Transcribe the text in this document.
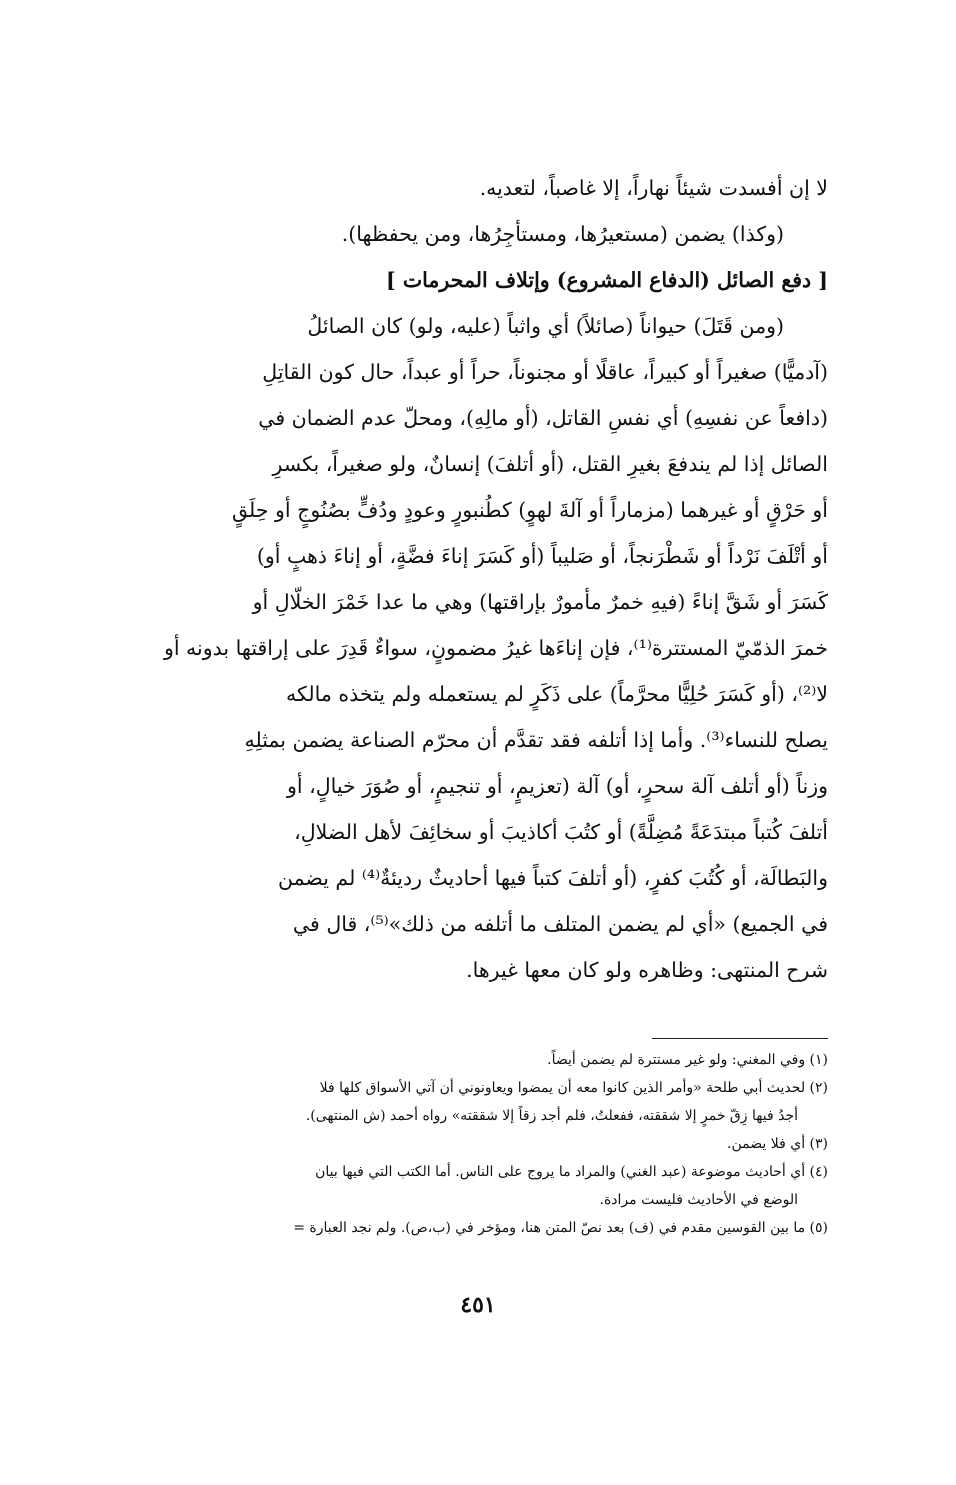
لا إن أفسدت شيئاً نهاراً، إلا غاصباً، لتعديه.
(وكذا) يضمن (مستعيرُها، ومستأجِرُها، ومن يحفظها).
[ دفع الصائل (الدفاع المشروع) وإتلاف المحرمات ]
(ومن قَتَلَ) حيواناً (صائلاً) أي واثباً (عليه، ولو) كان الصائلُ
(آدميًّا) صغيراً أو كبيراً، عاقلًا أو مجنوناً، حراً أو عبداً، حال كون القاتِلِ
(دافعاً عن نفسِهِ) أي نفسِ القاتل، (أو مالِهِ)، ومحلّ عدم الضمان في
الصائل إذا لم يندفعَ بغيرِ القتل، (أو أتلفَ) إنسانٌ، ولو صغيراً، بكسرِ
أو حَرْقٍ أو غيرهما (مزماراً أو آلةَ لهوٍ) كطُنبورٍ وعودٍ ودُفٍّ بصُنُوجٍ أو حِلَقٍ
أو أتْلَفَ نَرْداً أو شَطْرَنجاً، أو صَليباً (أو كَسَرَ إناءَ فضَّةٍ، أو إناءَ ذهبٍ أو)
كَسَرَ أو شَقَّ إناءً (فيهِ خمرٌ مأمورٌ بإراقتها) وهي ما عدا خَمْرَ الخلّالِ أو
خمرَ الذمّيّ المستترة⁽¹⁾، فإن إناءَها غيرُ مضمونٍ، سواءٌ قَدِرَ على إراقتها بدونه أو
لا⁽²⁾، (أو كَسَرَ حُلِيًّا محرَّماً) على ذَكَرٍ لم يستعمله ولم يتخذه مالكه
يصلح للنساء⁽³⁾. وأما إذا أتلفه فقد تقدَّم أن محرّم الصناعة يضمن بمثلِهِ
وزناً (أو أتلف آلة سحرٍ، أو) آلة (تعزيمٍ، أو تنجيمٍ، أو صُوَرَ خيالٍ، أو
أتلفَ كُتباً مبتدَعَةً مُضِلَّةً) أو كتُبَ أكاذيبَ أو سخائِفَ لأهل الضلالِ،
والبَطالَة، أو كُتُبَ كفرٍ، (أو أتلفَ كتباً فيها أحاديثٌ رديئةٌ⁽⁴⁾ لم يضمن
في الجميع) «أي لم يضمن المتلف ما أتلفه من ذلك»⁽⁵⁾، قال في
شرح المنتهى: وظاهره ولو كان معها غيرها.
(١) وفي المغني: ولو غير مستترة لم يضمن أيضاً.
(٢) لحديث أبي طلحة «وأمر الذين كانوا معه أن يمضوا ويعاونوني أن آتي الأسواق كلها فلا
أجدُ فيها زِقّ خمرٍ إلا شققته، ففعلتُ، فلم أجد زقاً إلا شققته» رواه أحمد (ش المنتهى).
(٣) أي فلا يضمن.
(٤) أي أحاديث موضوعة (عبد الغني) والمراد ما يروج على الناس. أما الكتب التي فيها بيان
الوضع في الأحاديث فليست مرادة.
(٥) ما بين القوسين مقدم في (ف) بعد نصّ المتن هنا، ومؤخر في (ب،ص). ولم نجد العبارة =
٤٥١
